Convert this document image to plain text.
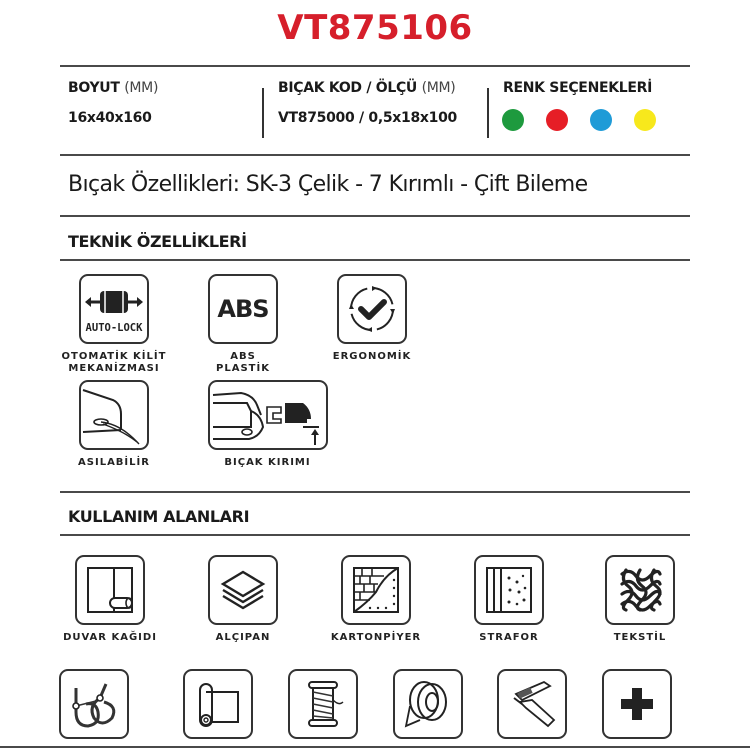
VT875106
BOYUT (MM)
16x40x160
BIÇAK KOD / ÖLÇÜ (MM)
VT875000 / 0,5x18x100
RENK SEÇENEKLERİ
Bıçak Özellikleri: SK-3 Çelik - 7 Kırımlı - Çift Bileme
TEKNİK ÖZELLİKLERİ
AUTO-LOCK
OTOMATİK KİLİT
MEKANİZMASI
ABS
ABS
PLASTİK
ERGONOMİK
ASILABİLİR	BIÇAK KIRIMI
KULLANIM ALANLARI
DUVAR KAĞIDI	ALÇIPAN	KARTONPİYER	STRAFOR	TEKSTİL
